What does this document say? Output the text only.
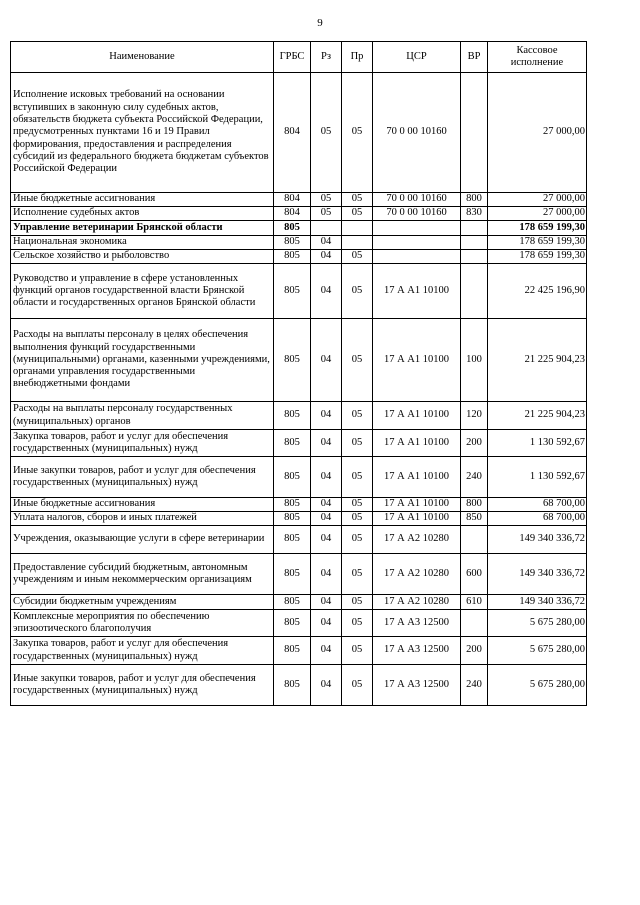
9
Наименование	ГРБС	Рз	Пр	ЦСР	ВР	Кассовое исполнение
Исполнение исковых требований на основании вступивших в законную силу судебных актов, обязательств бюджета субъекта Российской Федерации, предусмотренных пунктами 16 и 19 Правил формирования, предоставления и распределения субсидий из федерального бюджета бюджетам субъектов Российской Федерации	804	05	05	70 0 00 10160		27 000,00
Иные бюджетные ассигнования	804	05	05	70 0 00 10160	800	27 000,00
Исполнение судебных актов	804	05	05	70 0 00 10160	830	27 000,00
Управление ветеринарии Брянской области	805					178 659 199,30
Национальная экономика	805	04				178 659 199,30
Сельское хозяйство и рыболовство	805	04	05			178 659 199,30
Руководство и управление в сфере установленных функций органов государственной власти Брянской области и государственных органов Брянской области	805	04	05	17 А А1 10100		22 425 196,90
Расходы на выплаты персоналу в целях обеспечения выполнения функций государственными (муниципальными) органами, казенными учреждениями, органами управления государственными внебюджетными фондами	805	04	05	17 А А1 10100	100	21 225 904,23
Расходы на выплаты персоналу государственных (муниципальных) органов	805	04	05	17 А А1 10100	120	21 225 904,23
Закупка товаров, работ и услуг для обеспечения государственных (муниципальных) нужд	805	04	05	17 А А1 10100	200	1 130 592,67
Иные закупки товаров, работ и услуг для обеспечения государственных (муниципальных) нужд	805	04	05	17 А А1 10100	240	1 130 592,67
Иные бюджетные ассигнования	805	04	05	17 А А1 10100	800	68 700,00
Уплата налогов, сборов и иных платежей	805	04	05	17 А А1 10100	850	68 700,00
Учреждения, оказывающие услуги в сфере ветеринарии	805	04	05	17 А А2 10280		149 340 336,72
Предоставление субсидий бюджетным, автономным учреждениям и иным некоммерческим организациям	805	04	05	17 А А2 10280	600	149 340 336,72
Субсидии бюджетным учреждениям	805	04	05	17 А А2 10280	610	149 340 336,72
Комплексные мероприятия по обеспечению эпизоотического благополучия	805	04	05	17 А А3 12500		5 675 280,00
Закупка товаров, работ и услуг для обеспечения государственных (муниципальных) нужд	805	04	05	17 А А3 12500	200	5 675 280,00
Иные закупки товаров, работ и услуг для обеспечения государственных (муниципальных) нужд	805	04	05	17 А А3 12500	240	5 675 280,00
